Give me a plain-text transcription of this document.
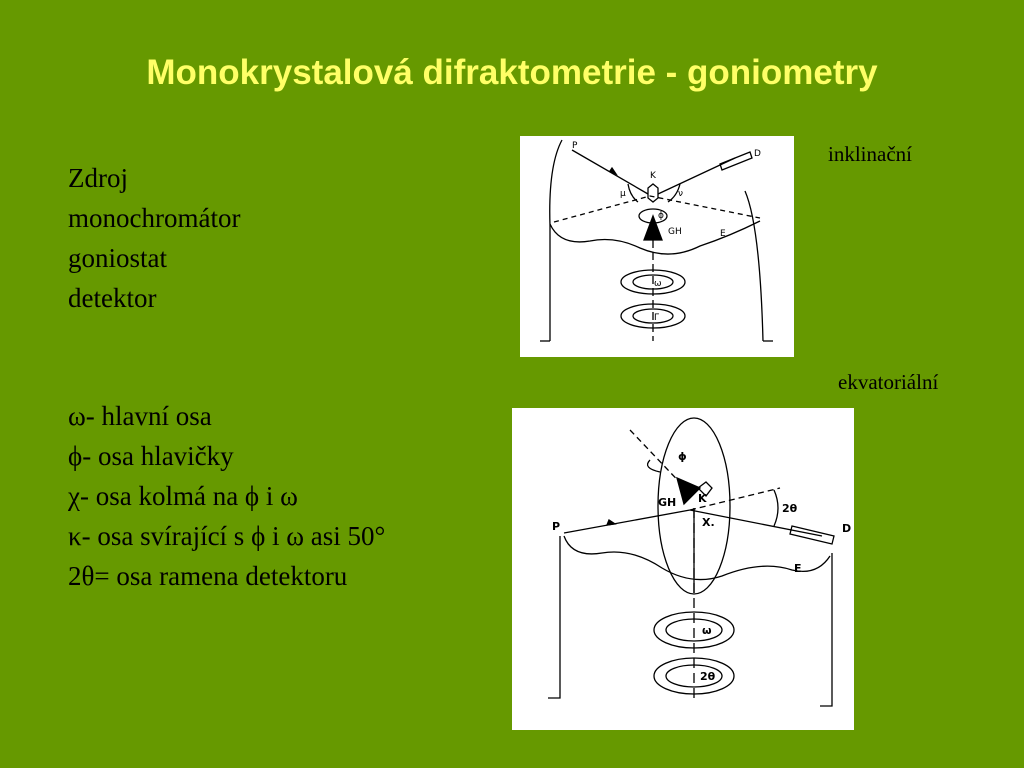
Monokrystalová difraktometrie - goniometry
Zdroj
monochromátor
goniostat
detektor
ω- hlavní osa
ϕ- osa hlavičky
χ- osa kolmá na ϕ i ω
κ- osa svírající s ϕ i ω asi 50°
2θ= osa ramena detektoru
inklinační
ekvatoriální
P
D
K
μ	ν
ϕ
GH	E
ω
Γ
P	D
ϕ
GH K
X.
2θ
E
ω
2θ
